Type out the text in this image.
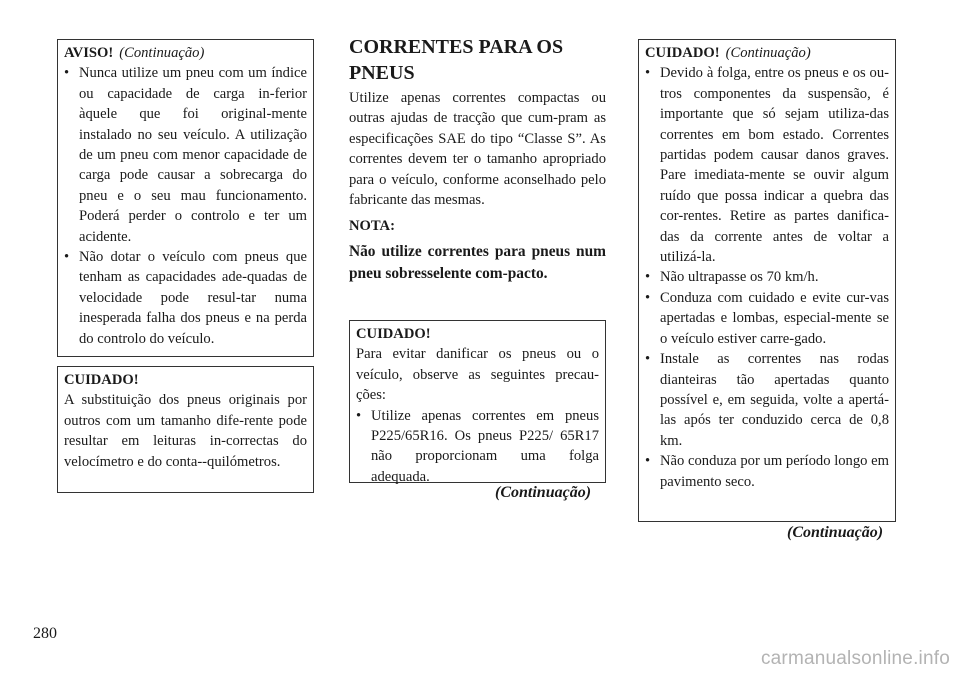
AVISO! (Continuação)
• Nunca utilize um pneu com um índice ou capacidade de carga in-ferior àquele que foi original-mente instalado no seu veículo. A utilização de um pneu com menor capacidade de carga pode causar a sobrecarga do pneu e o seu mau funcionamento. Poderá perder o controlo e ter um acidente.
• Não dotar o veículo com pneus que tenham as capacidades ade-quadas de velocidade pode resul-tar numa inesperada falha dos pneus e na perda do controlo do veículo.
CUIDADO!
A substituição dos pneus originais por outros com um tamanho dife-rente pode resultar em leituras in-correctas do velocímetro e do conta--quilómetros.
CORRENTES PARA OS PNEUS
Utilize apenas correntes compactas ou outras ajudas de tracção que cum-pram as especificações SAE do tipo “Classe S”. As correntes devem ter o tamanho apropriado para o veículo, conforme aconselhado pelo fabricante das mesmas.
NOTA:
Não utilize correntes para pneus num pneu sobresselente com-pacto.
CUIDADO!
Para evitar danificar os pneus ou o veículo, observe as seguintes precau-ções:
• Utilize apenas correntes em pneus P225/65R16. Os pneus P225/ 65R17 não proporcionam uma folga adequada.
(Continuação)
CUIDADO! (Continuação)
• Devido à folga, entre os pneus e os ou-tros componentes da suspensão, é importante que só sejam utiliza-das correntes em bom estado. Correntes partidas podem causar danos graves. Pare imediata-mente se ouvir algum ruído que possa indicar a quebra das cor-rentes. Retire as partes danifica-das da corrente antes de voltar a utilizá-la.
• Não ultrapasse os 70 km/h.
• Conduza com cuidado e evite cur-vas apertadas e lombas, especial-mente se o veículo estiver carre-gado.
• Instale as correntes nas rodas dianteiras tão apertadas quanto possível e, em seguida, volte a apertá-las após ter conduzido cerca de 0,8 km.
• Não conduza por um período longo em pavimento seco.
(Continuação)
280
carmanualsonline.info
